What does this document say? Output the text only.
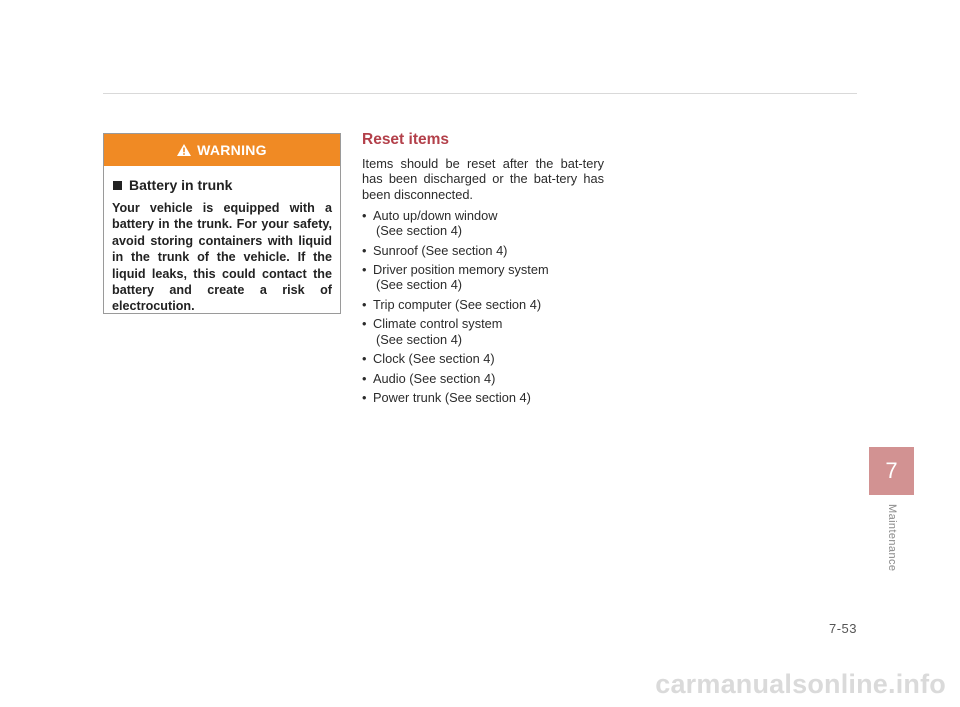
WARNING
Battery in trunk
Your vehicle is equipped with a battery in the trunk. For your safety, avoid storing containers with liquid in the trunk of the vehicle. If the liquid leaks, this could contact the battery and create a risk of electrocution.
Reset items

Items should be reset after the bat-tery has been discharged or the bat-tery has been disconnected.

• Auto up/down window
(See section 4)
• Sunroof (See section 4)
• Driver position memory system
(See section 4)
• Trip computer (See section 4)
• Climate control system
(See section 4)
• Clock (See section 4)
• Audio (See section 4)
• Power trunk (See section 4)
7
Maintenance
7-53
carmanualsonline.info
